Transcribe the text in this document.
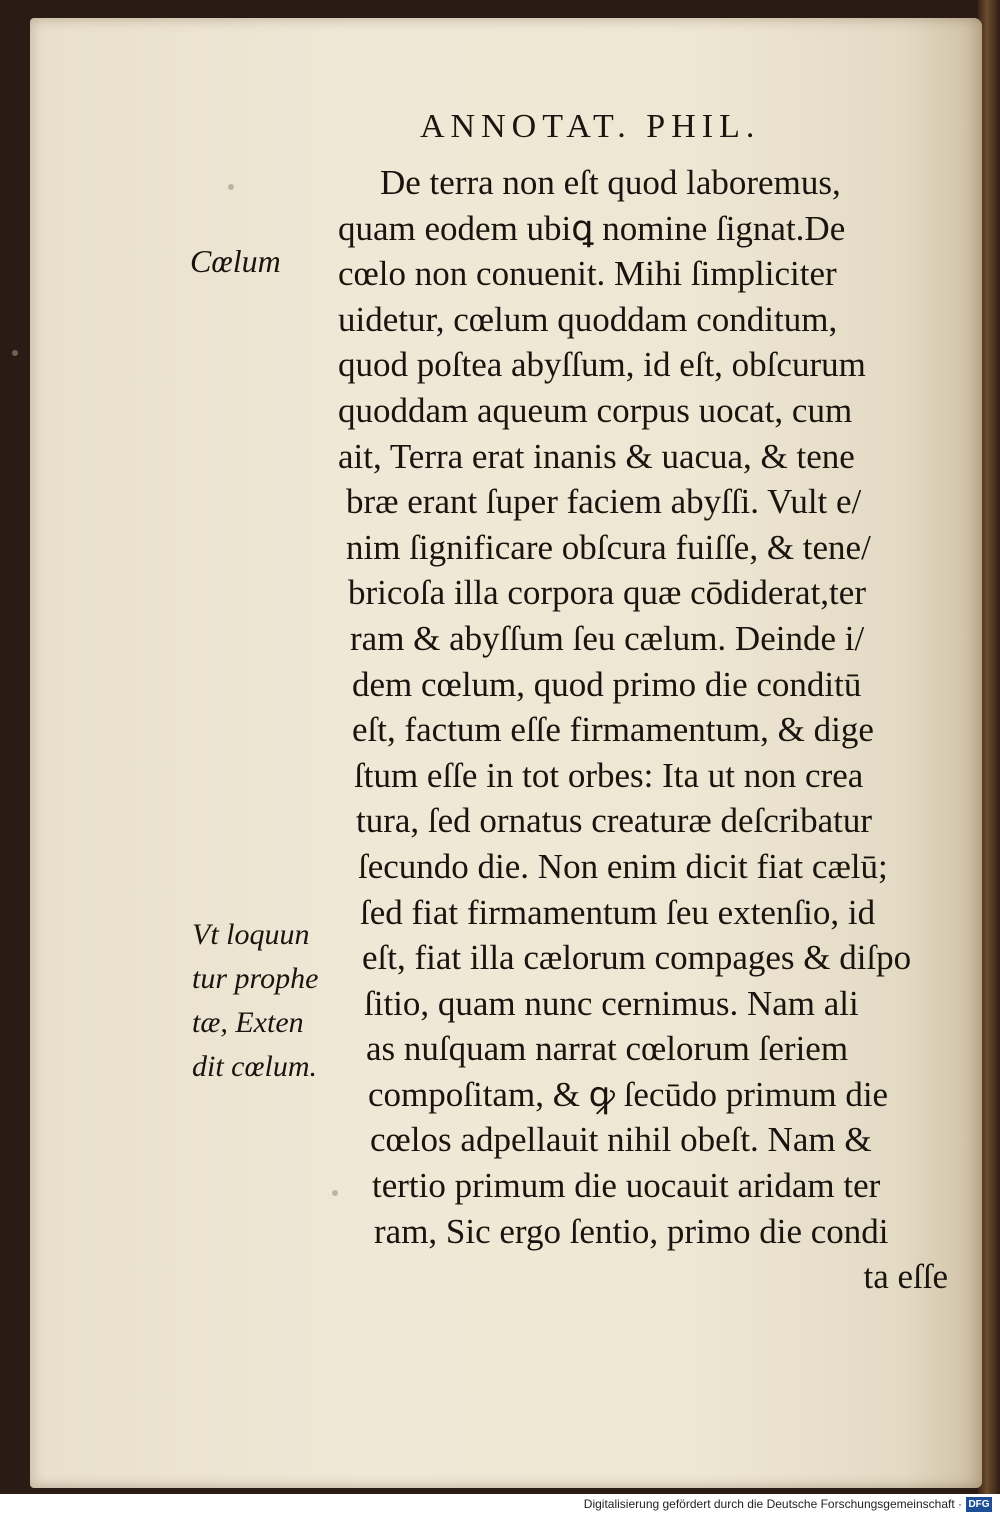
ANNOTAT. PHIL.
Cœlum
Vt loquun
tur prophe
tæ, Exten
dit cœlum.
De terra non eſt quod laboremus,
quam eodem ubiꝗ nomine ſignat.De
cœlo non conuenit. Mihi ſimpliciter
uidetur, cœlum quoddam conditum,
quod poſtea abyſſum, id eſt, obſcurum
quoddam aqueum corpus uocat, cum
ait, Terra erat inanis & uacua, & tene
bræ erant ſuper faciem abyſſi. Vult e/
nim ſignificare obſcura fuiſſe, & tene/
bricoſa illa corpora quæ cōdiderat,ter
ram & abyſſum ſeu cælum. Deinde i/
dem cœlum, quod primo die conditū
eſt, factum eſſe firmamentum, & dige
ſtum eſſe in tot orbes: Ita ut non crea
tura, ſed ornatus creaturæ deſcribatur
ſecundo die. Non enim dicit fiat cælū;
ſed fiat firmamentum ſeu extenſio, id
eſt, fiat illa cælorum compages & diſpo
ſitio, quam nunc cernimus. Nam ali
as nuſquam narrat cœlorum ſeriem
compoſitam, & ꝙ ſecūdo primum die
cœlos adpellauit nihil obeſt. Nam &
tertio primum die uocauit aridam ter
ram, Sic ergo ſentio, primo die condi
ta eſſe
Digitalisierung gefördert durch die Deutsche Forschungsgemeinschaft · DFG
